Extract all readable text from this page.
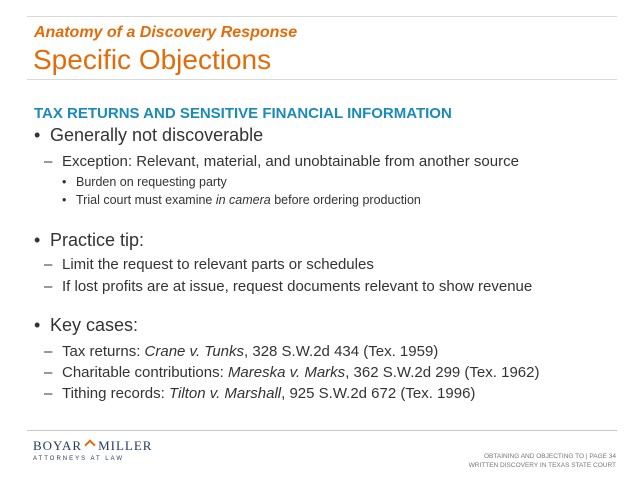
Anatomy of a Discovery Response
Specific Objections
TAX RETURNS AND SENSITIVE FINANCIAL INFORMATION
• Generally not discoverable
– Exception: Relevant, material, and unobtainable from another source
• Burden on requesting party
• Trial court must examine in camera before ordering production
• Practice tip:
– Limit the request to relevant parts or schedules
– If lost profits are at issue, request documents relevant to show revenue
• Key cases:
– Tax returns: Crane v. Tunks, 328 S.W.2d 434 (Tex. 1959)
– Charitable contributions: Mareska v. Marks, 362 S.W.2d 299 (Tex. 1962)
– Tithing records: Tilton v. Marshall, 925 S.W.2d 672 (Tex. 1996)
BOYAR MILLER
ATTORNEYS AT LAW	OBTAINING AND OBJECTING TO | PAGE 34
WRITTEN DISCOVERY IN TEXAS STATE COURT
